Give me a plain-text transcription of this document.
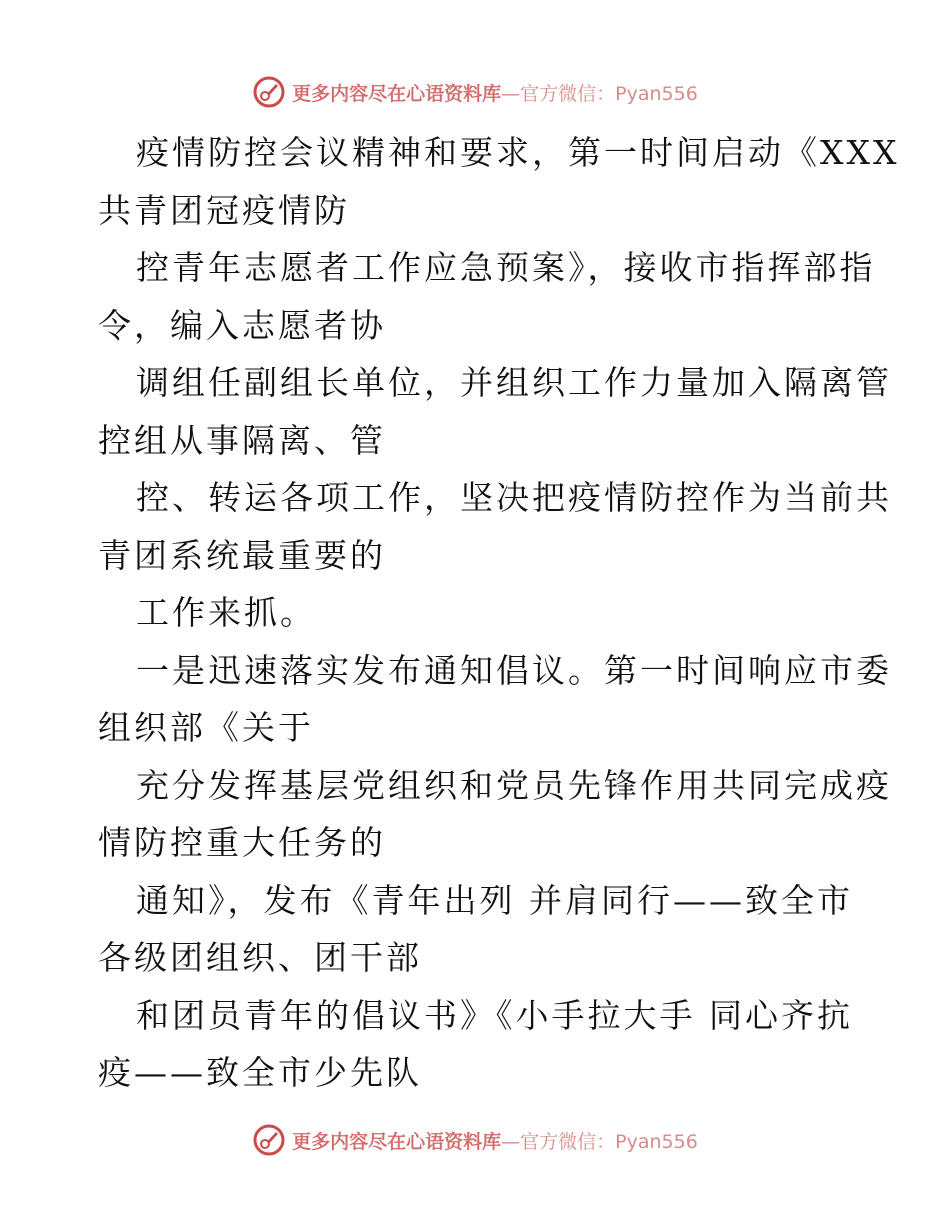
更多内容尽在心语资料库—官方微信：Pyan556
疫情防控会议精神和要求，第一时间启动《XXX
共青团冠疫情防
控青年志愿者工作应急预案》，接收市指挥部指
令，编入志愿者协
调组任副组长单位，并组织工作力量加入隔离管
控组从事隔离、管
控、转运各项工作，坚决把疫情防控作为当前共
青团系统最重要的
工作来抓。
一是迅速落实发布通知倡议。第一时间响应市委
组织部《关于
充分发挥基层党组织和党员先锋作用共同完成疫
情防控重大任务的
通知》，发布《青年出列 并肩同行——致全市
各级团组织、团干部
和团员青年的倡议书》《小手拉大手 同心齐抗
疫——致全市少先队
更多内容尽在心语资料库—官方微信：Pyan556
